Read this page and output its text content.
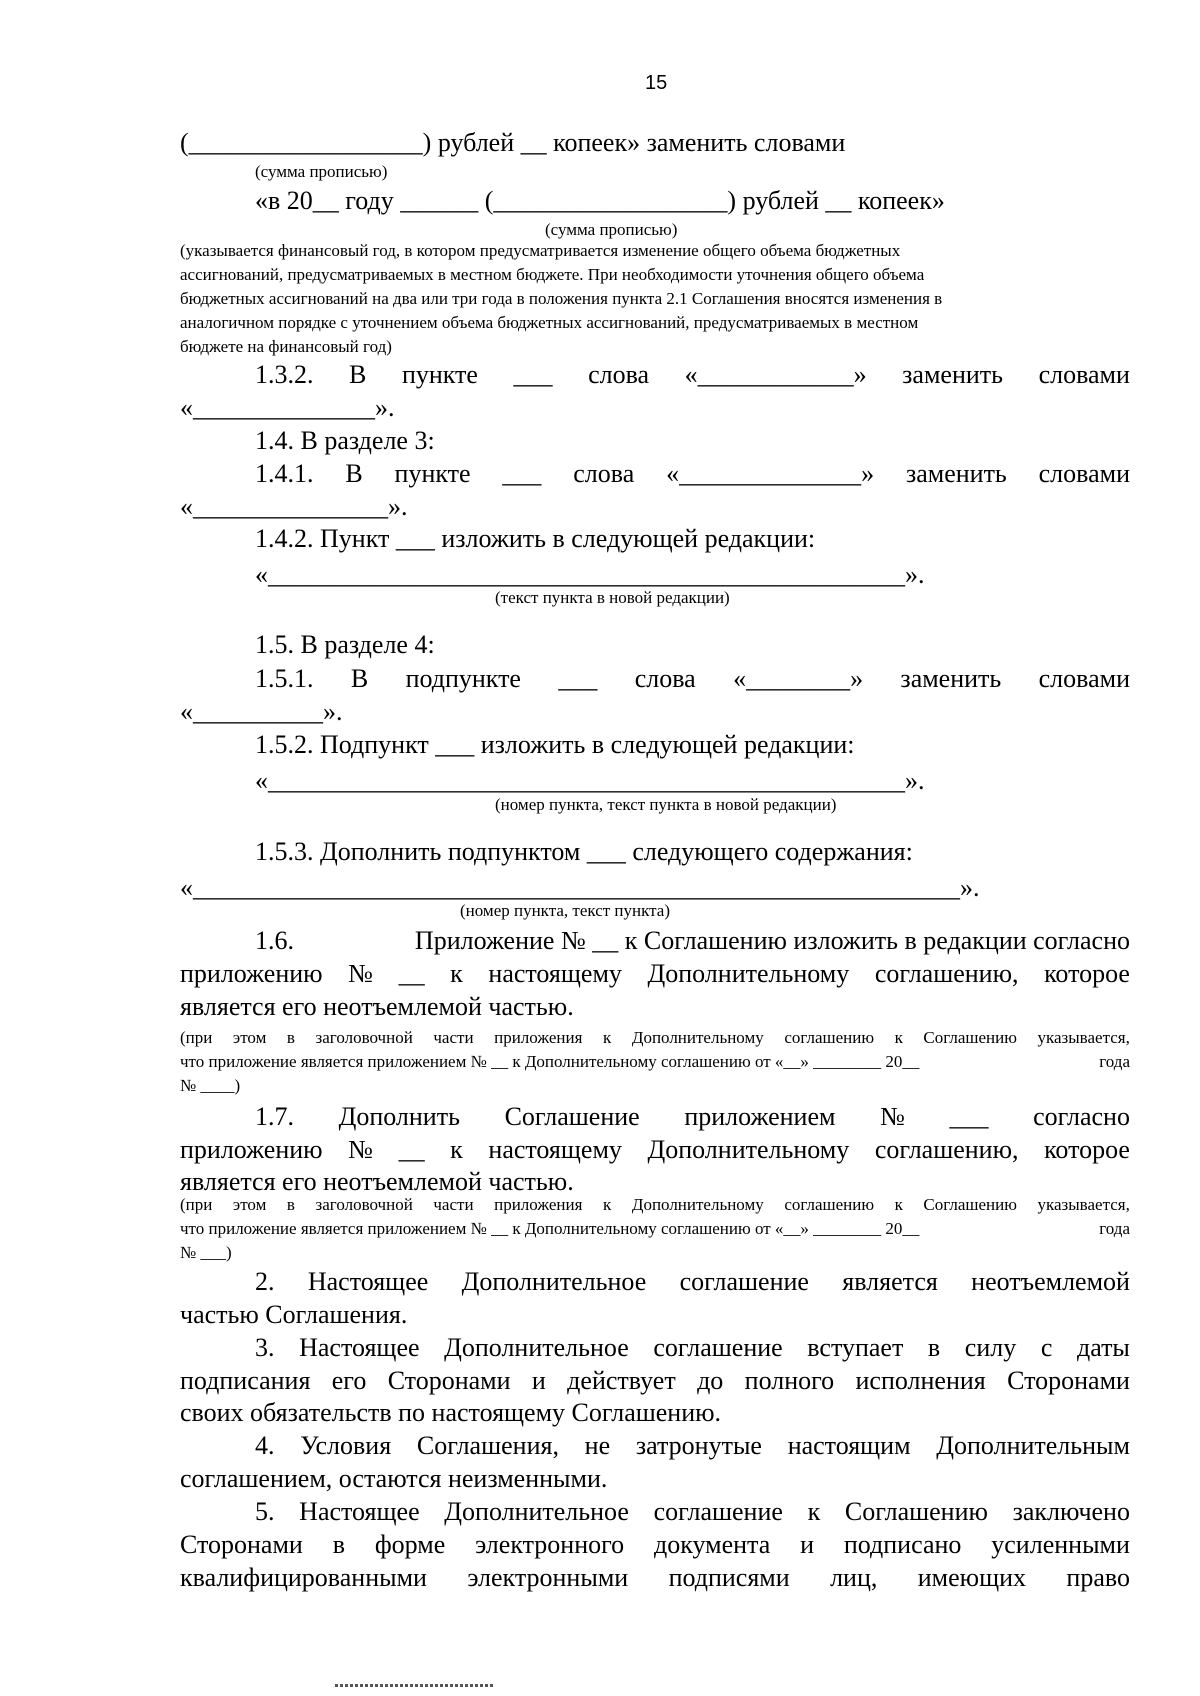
15
(__________________) рублей __ копеек» заменить словами
(сумма прописью)
«в 20__ году ______ (__________________) рублей __ копеек»
(сумма прописью)
(указывается финансовый год, в котором предусматривается изменение общего объема бюджетных
ассигнований, предусматриваемых в местном бюджете. При необходимости уточнения общего объема
бюджетных ассигнований на два или три года в положения пункта 2.1 Соглашения вносятся изменения в
аналогичном порядке с уточнением объема бюджетных ассигнований, предусматриваемых в местном
бюджете на финансовый год)
1.3.2. В пункте ___ слова «____________» заменить словами
«______________».
1.4. В разделе 3:
1.4.1. В пункте ___ слова «______________» заменить словами
«_______________».
1.4.2. Пункт ___ изложить в следующей редакции:
«_________________________________________________».
(текст пункта в новой редакции)
1.5. В разделе 4:
1.5.1. В подпункте ___ слова «________» заменить словами
«__________».
1.5.2. Подпункт ___ изложить в следующей редакции:
«_________________________________________________».
(номер пункта, текст пункта в новой редакции)
1.5.3. Дополнить подпунктом ___ следующего содержания:
«___________________________________________________________».
(номер пункта, текст пункта)
1.6.	Приложение № __ к Соглашению изложить в редакции согласно
приложению № __ к настоящему Дополнительному соглашению, которое
является его неотъемлемой частью.
(при этом в заголовочной части приложения к Дополнительному соглашению к Соглашению указывается,
что приложение является приложением № __ к Дополнительному соглашению от «__» ________ 20__	года
№ ____)
1.7. Дополнить Соглашение приложением № ___ согласно
приложению № __ к настоящему Дополнительному соглашению, которое
является его неотъемлемой частью.
(при этом в заголовочной части приложения к Дополнительному соглашению к Соглашению указывается,
что приложение является приложением № __ к Дополнительному соглашению от «__» ________ 20__	года
№ ___)
2. Настоящее Дополнительное соглашение является неотъемлемой
частью Соглашения.
3. Настоящее Дополнительное соглашение вступает в силу с даты
подписания его Сторонами и действует до полного исполнения Сторонами
своих обязательств по настоящему Соглашению.
4. Условия Соглашения, не затронутые настоящим Дополнительным
соглашением, остаются неизменными.
5. Настоящее Дополнительное соглашение к Соглашению заключено
Сторонами в форме электронного документа и подписано усиленными
квалифицированными электронными подписями лиц, имеющих право
